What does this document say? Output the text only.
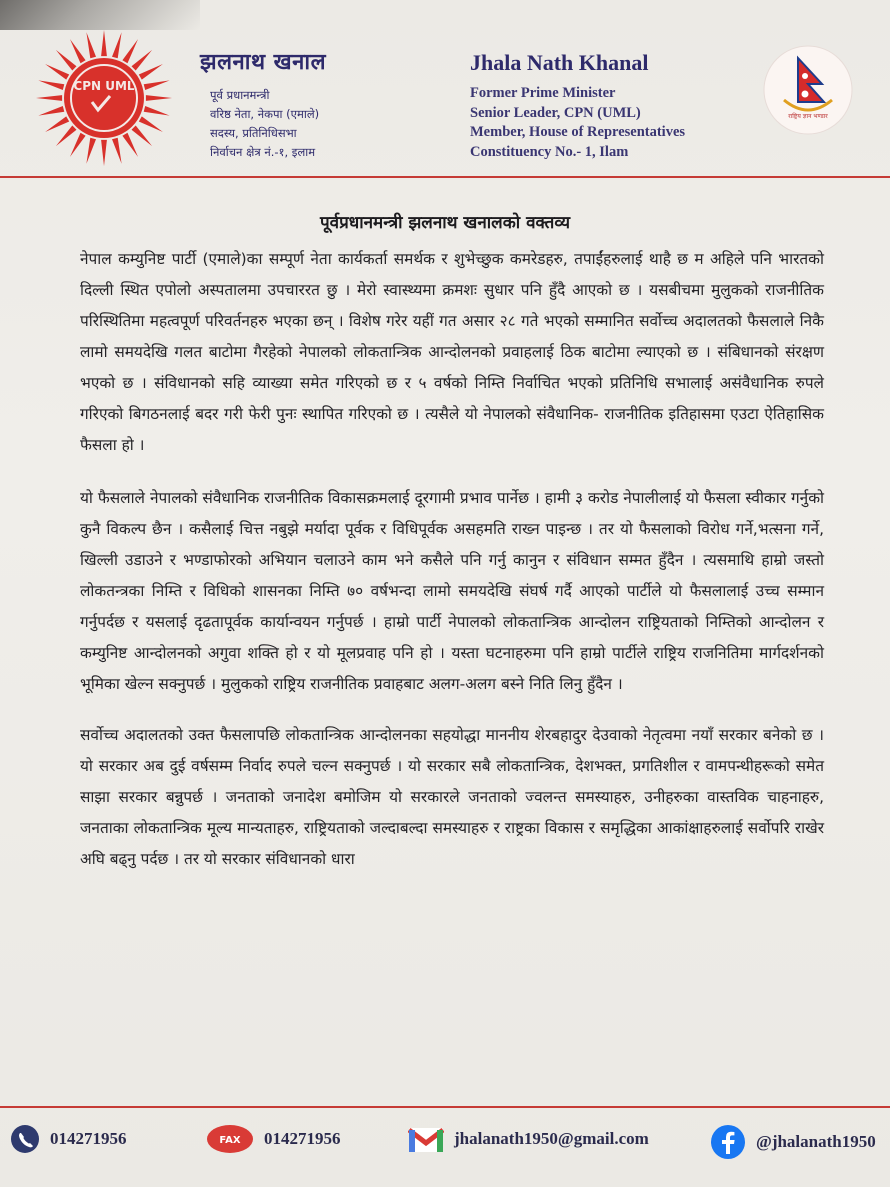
CPN UML
झलनाथ खनाल
पूर्व प्रधानमन्त्री
वरिष्ठ नेता, नेकपा (एमाले)
सदस्य, प्रतिनिधिसभा
निर्वाचन क्षेत्र नं.-१, इलाम
Jhala Nath Khanal
Former Prime Minister
Senior Leader, CPN (UML)
Member, House of Representatives
Constituency No.- 1, Ilam
राष्ट्रिय ज्ञान भण्डार
पूर्वप्रधानमन्त्री झलनाथ खनालको वक्तव्य

नेपाल कम्युनिष्ट पार्टी (एमाले)का सम्पूर्ण नेता कार्यकर्ता समर्थक र शुभेच्छुक कमरेडहरु, तपाईंहरुलाई थाहै छ म अहिले पनि भारतको दिल्ली स्थित एपोलो अस्पतालमा उपचाररत छु । मेरो स्वास्थ्यमा क्रमशः सुधार पनि हुँदै आएको छ । यसबीचमा मुलुकको राजनीतिक परिस्थितिमा महत्वपूर्ण परिवर्तनहरु भएका छन् । विशेष गरेर यहीं गत असार २८ गते भएको सम्मानित सर्वोच्च अदालतको फैसलाले निकै लामो समयदेखि गलत बाटोमा गैरहेको नेपालको लोकतान्त्रिक आन्दोलनको प्रवाहलाई ठिक बाटोमा ल्याएको छ । संबिधानको संरक्षण भएको छ । संविधानको सहि व्याख्या समेत गरिएको छ र ५ वर्षको निम्ति निर्वाचित भएको प्रतिनिधि सभालाई असंवैधानिक रुपले गरिएको बिगठनलाई बदर गरी फेरी पुनः स्थापित गरिएको छ । त्यसैले यो नेपालको संवैधानिक- राजनीतिक इतिहासमा एउटा ऐतिहासिक फैसला हो ।

यो फैसलाले नेपालको संवैधानिक राजनीतिक विकासक्रमलाई दूरगामी प्रभाव पार्नेछ । हामी ३ करोड नेपालीलाई यो फैसला स्वीकार गर्नुको कुनै विकल्प छैन । कसैलाई चित्त नबुझे मर्यादा पूर्वक र विधिपूर्वक असहमति राख्न पाइन्छ । तर यो फैसलाको विरोध गर्ने,भत्सना गर्ने, खिल्ली उडाउने र भण्डाफोरको अभियान चलाउने काम भने कसैले पनि गर्नु कानुन र संविधान सम्मत हुँदैन । त्यसमाथि हाम्रो जस्तो लोकतन्त्रका निम्ति र विधिको शासनका निम्ति ७० वर्षभन्दा लामो समयदेखि संघर्ष गर्दै आएको पार्टीले यो फैसलालाई उच्च सम्मान गर्नुपर्दछ र यसलाई दृढतापूर्वक कार्यान्वयन गर्नुपर्छ । हाम्रो पार्टी नेपालको लोकतान्त्रिक आन्दोलन राष्ट्रियताको निम्तिको आन्दोलन र कम्युनिष्ट आन्दोलनको अगुवा शक्ति हो र यो मूलप्रवाह पनि हो । यस्ता घटनाहरुमा पनि हाम्रो पार्टीले राष्ट्रिय राजनितिमा मार्गदर्शनको भूमिका खेल्न सक्नुपर्छ । मुलुकको राष्ट्रिय राजनीतिक प्रवाहबाट अलग-अलग बस्ने निति लिनु हुँदैन ।

सर्वोच्च अदालतको उक्त फैसलापछि लोकतान्त्रिक आन्दोलनका सहयोद्धा माननीय शेरबहादुर देउवाको नेतृत्वमा नयाँ सरकार बनेको छ । यो सरकार अब दुई वर्षसम्म निर्वाद रुपले चल्न सक्नुपर्छ । यो सरकार सबै लोकतान्त्रिक, देशभक्त, प्रगतिशील र वामपन्थीहरूको समेत साझा सरकार बन्नुपर्छ । जनताको जनादेश बमोजिम यो सरकारले जनताको ज्वलन्त समस्याहरु, उनीहरुका वास्तविक चाहनाहरु, जनताका लोकतान्त्रिक मूल्य मान्यताहरु, राष्ट्रियताको जल्दाबल्दा समस्याहरु र राष्ट्रका विकास र समृद्धिका आकांक्षाहरुलाई सर्वोपरि राखेर अघि बढ्नु पर्दछ । तर यो सरकार संविधानको धारा

014271956	FAX 014271956	jhalanath1950@gmail.com	@jhalanath1950
